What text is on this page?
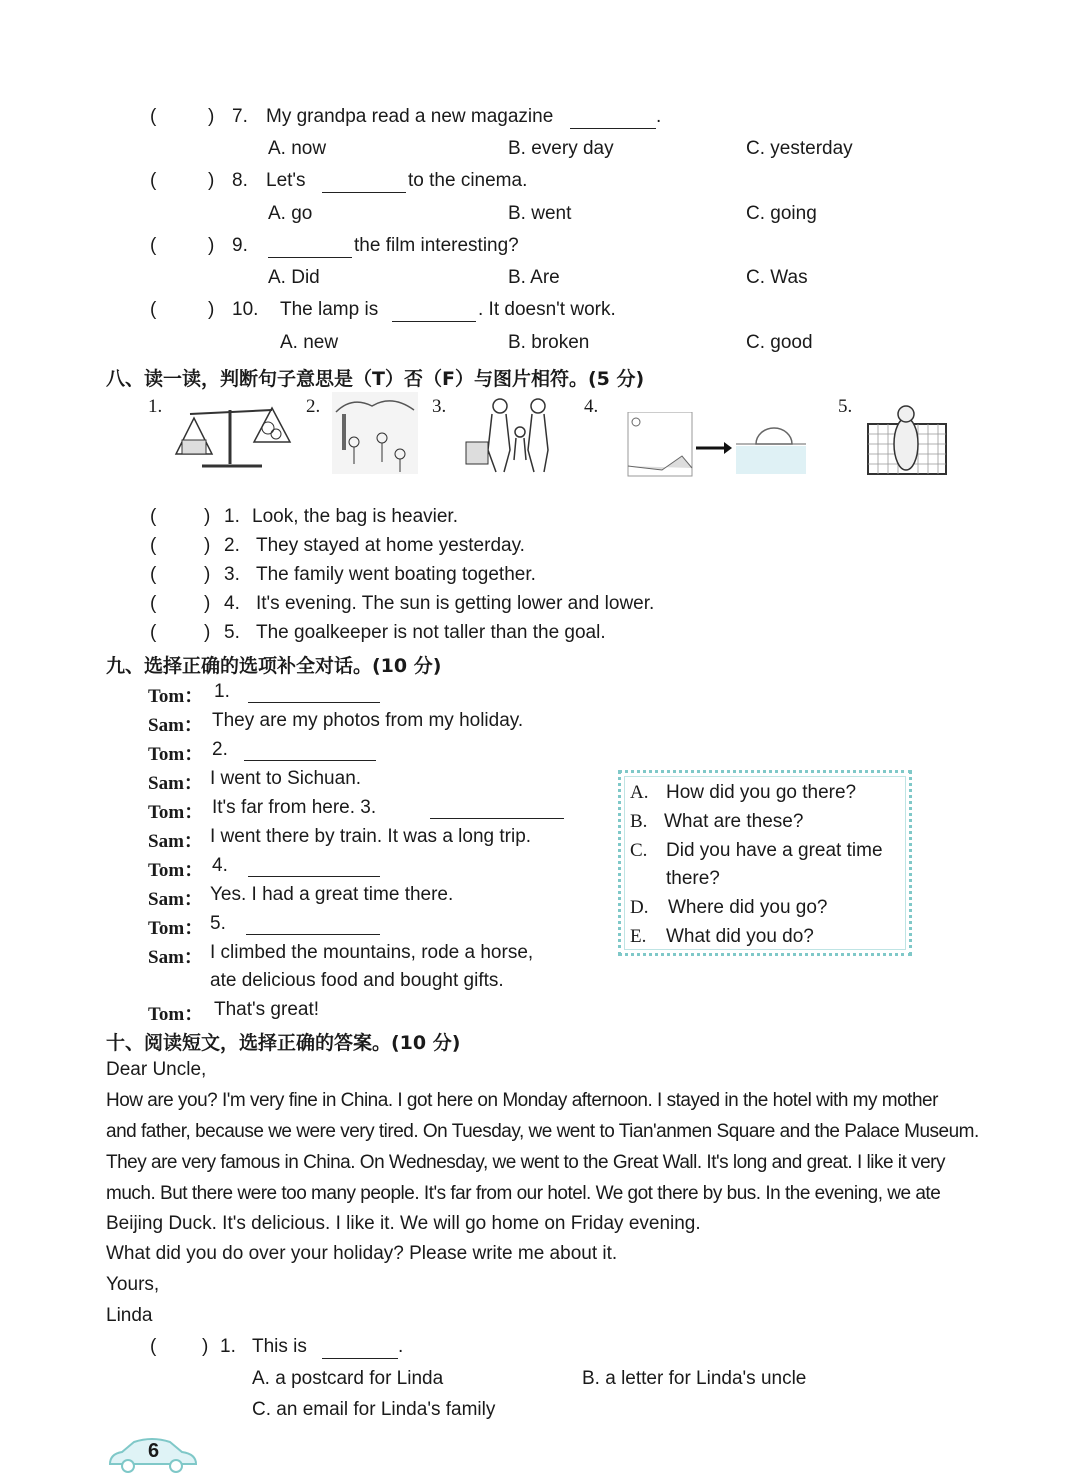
(	) 7. My grandpa read a new magazine	.
A. now	B. every day	C. yesterday
(	) 8. Let's	to the cinema.
A. go	B. went	C. going
(	) 9.	the film interesting?
A. Did	B. Are	C. Was
(	) 10. The lamp is	. It doesn't work.
A. new	B. broken	C. good
八、读一读，判断句子意思是（T）否（F）与图片相符。(5 分)
1.	2.	3.	4.	5.
(	) 1. Look, the bag is heavier.
(	) 2. They stayed at home yesterday.
(	) 3. The family went boating together.
(	) 4. It's evening. The sun is getting lower and lower.
(	) 5. The goalkeeper is not taller than the goal.
九、选择正确的选项补全对话。(10 分)
Tom： 1.
Sam： They are my photos from my holiday.
Tom： 2.
Sam： I went to Sichuan.
Tom： It's far from here. 3.
Sam： I went there by train. It was a long trip.
Tom： 4.
Sam： Yes. I had a great time there.
Tom： 5.
Sam： I climbed the mountains, rode a horse,
ate delicious food and bought gifts.
Tom： That's great!
A. How did you go there?
B. What are these?
C. Did you have a great time
there?
D. Where did you go?
E. What did you do?
十、阅读短文，选择正确的答案。(10 分)
Dear Uncle,
How are you? I'm very fine in China. I got here on Monday afternoon. I stayed in the hotel with my mother
and father, because we were very tired. On Tuesday, we went to Tian'anmen Square and the Palace Museum.
They are very famous in China. On Wednesday, we went to the Great Wall. It's long and great. I like it very
much. But there were too many people. It's far from our hotel. We got there by bus. In the evening, we ate
Beijing Duck. It's delicious. I like it. We will go home on Friday evening.
What did you do over your holiday? Please write me about it.
Yours,
Linda
( ) 1. This is	.
A. a postcard for Linda	B. a letter for Linda's uncle
C. an email for Linda's family
6
